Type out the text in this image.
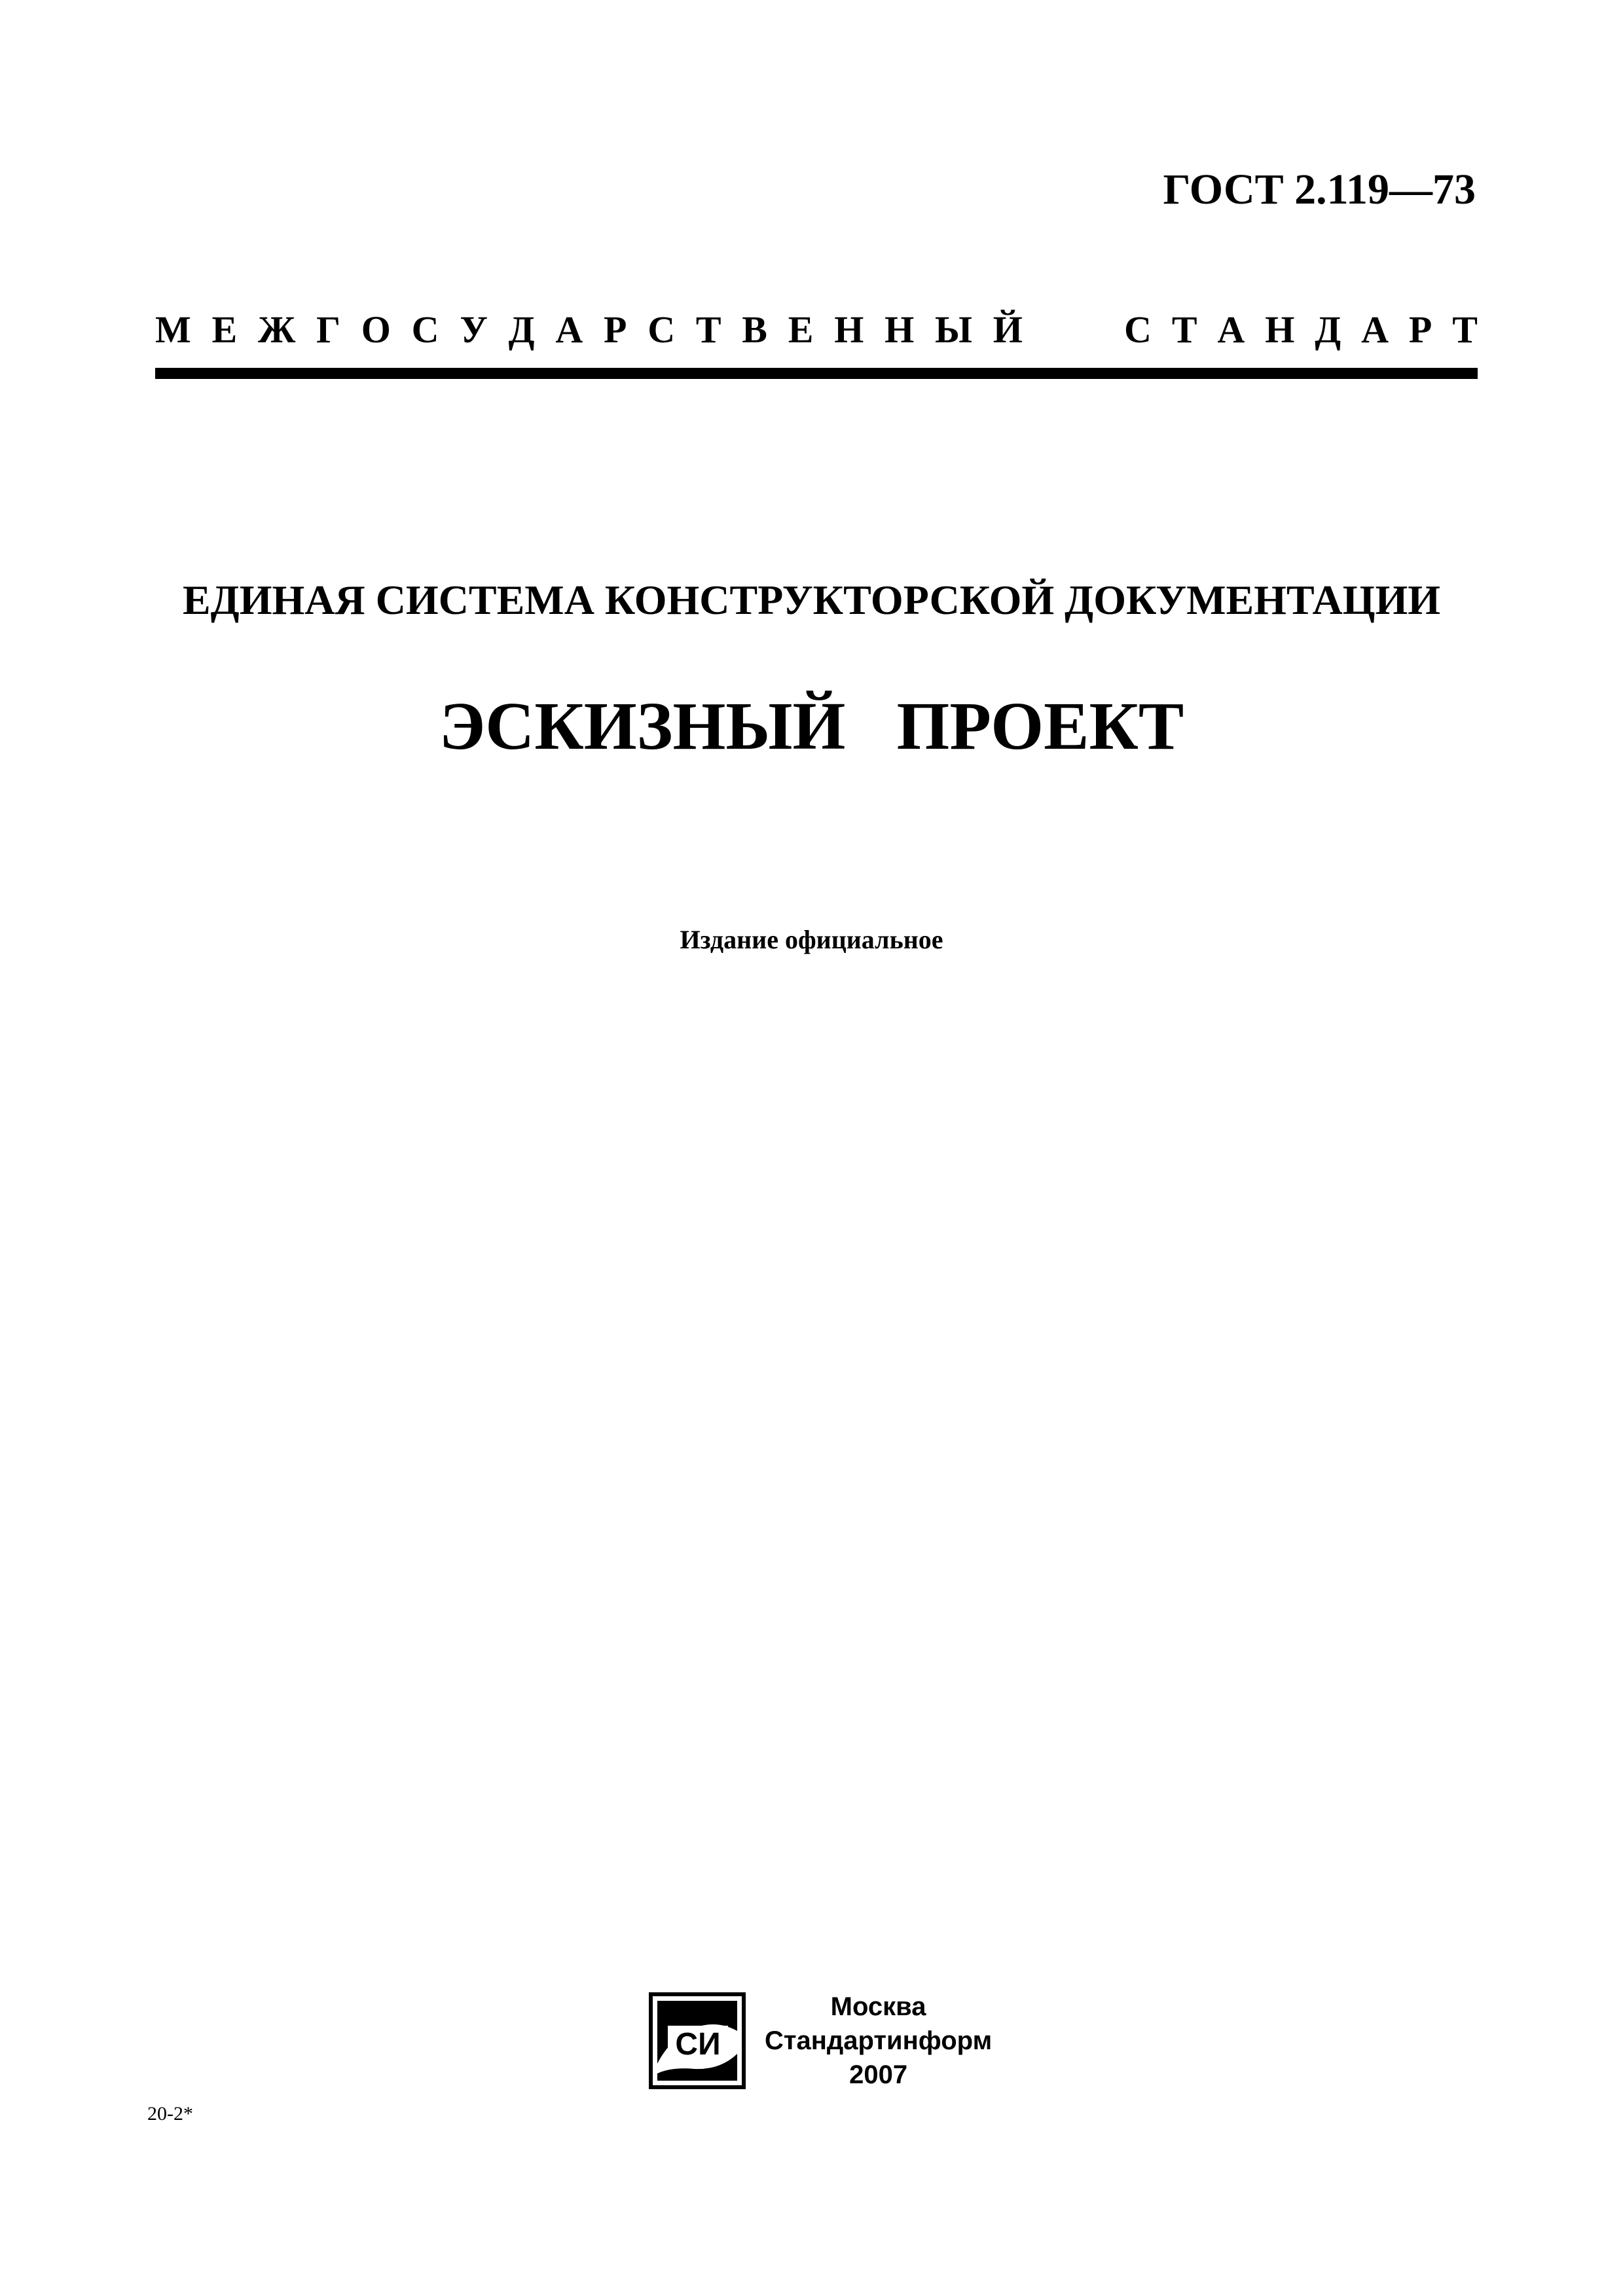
ГОСТ 2.119—73
М Е Ж Г О С У Д А Р С Т В Е Н Н Ы Й	С Т А Н Д А Р Т
ЕДИНАЯ СИСТЕМА КОНСТРУКТОРСКОЙ ДОКУМЕНТАЦИИ
ЭСКИЗНЫЙ   ПРОЕКТ
Издание официальное
СИ
Москва
Стандартинформ
2007
20-2*
